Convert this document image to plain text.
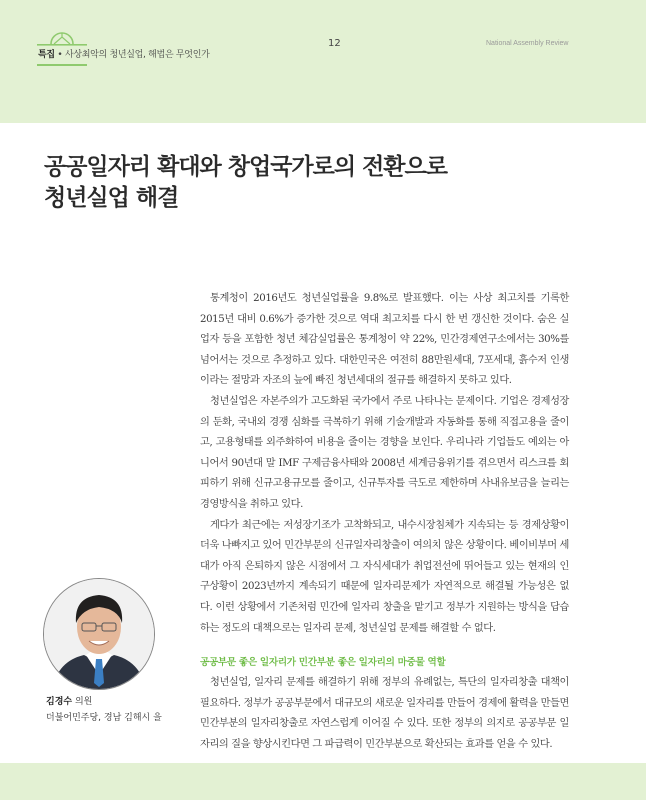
특집 • 사상최악의 청년실업, 해법은 무엇인가
12	National Assembly Review
공공일자리 확대와 창업국가로의 전환으로
청년실업 해결

통계청이 2016년도 청년실업률을 9.8%로 발표했다. 이는 사상 최고치를 기록한 2015년 대비 0.6%가 증가한 것으로 역대 최고치를 다시 한 번 갱신한 것이다. 숨은 실업자 등을 포함한 청년 체감실업률은 통계청이 약 22%, 민간경제연구소에서는 30%를 넘어서는 것으로 추정하고 있다. 대한민국은 여전히 88만원세대, 7포세대, 흙수저 인생이라는 절망과 자조의 늪에 빠진 청년세대의 절규를 해결하지 못하고 있다.

청년실업은 자본주의가 고도화된 국가에서 주로 나타나는 문제이다. 기업은 경제성장의 둔화, 국내외 경쟁 심화를 극복하기 위해 기술개발과 자동화를 통해 직접고용을 줄이고, 고용형태를 외주화하여 비용을 줄이는 경향을 보인다. 우리나라 기업들도 예외는 아니어서 90년대 말 IMF 구제금융사태와 2008년 세계금융위기를 겪으면서 리스크를 회피하기 위해 신규고용규모를 줄이고, 신규투자를 극도로 제한하며 사내유보금을 늘리는 경영방식을 취하고 있다.

게다가 최근에는 저성장기조가 고착화되고, 내수시장침체가 지속되는 등 경제상황이 더욱 나빠지고 있어 민간부문의 신규일자리창출이 여의치 않은 상황이다. 베이비부머 세대가 아직 은퇴하지 않은 시점에서 그 자식세대가 취업전선에 뛰어들고 있는 현재의 인구상황이 2023년까지 계속되기 때문에 일자리문제가 자연적으로 해결될 가능성은 없다. 이런 상황에서 기존처럼 민간에 일자리 창출을 맡기고 정부가 지원하는 방식을 답습하는 정도의 대책으로는 일자리 문제, 청년실업 문제를 해결할 수 없다.

공공부문 좋은 일자리가 민간부분 좋은 일자리의 마중물 역할

청년실업, 일자리 문제를 해결하기 위해 정부의 유례없는, 특단의 일자리창출 대책이 필요하다. 정부가 공공부문에서 대규모의 새로운 일자리를 만들어 경제에 활력을 만들면 민간부분의 일자리창출로 자연스럽게 이어질 수 있다. 또한 정부의 의지로 공공부문 일자리의 질을 향상시킨다면 그 파급력이 민간부분으로 확산되는 효과를 얻을 수 있다.

김경수 의원
더불어민주당, 경남 김해시 을
